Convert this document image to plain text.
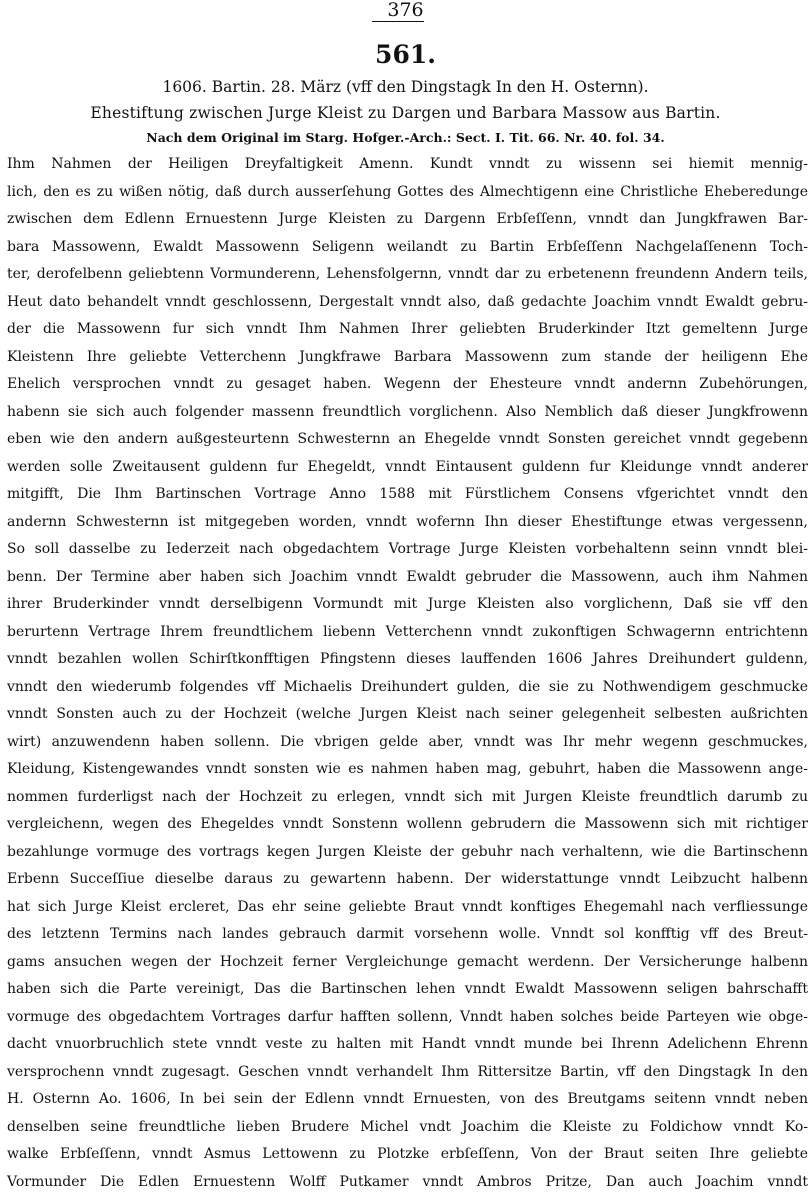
376
561.
1606. Bartin. 28. März (vff den Dingstagk In den H. Osternn).
Ehestiftung zwischen Jurge Kleist zu Dargen und Barbara Massow aus Bartin.
Nach dem Original im Starg. Hofger.-Arch.: Sect. I. Tit. 66. Nr. 40. fol. 34.
Ihm Nahmen der Heiligen Dreyfaltigkeit Amenn. Kundt vnndt zu wissenn sei hiemit mennig-
lich, den es zu wißen nötig, daß durch ausserſehung Gottes des Almechtigenn eine Christliche Eheberedunge
zwischen dem Edlenn Ernuestenn Jurge Kleisten zu Dargenn Erbſeſſenn, vnndt dan Jungkfrawen Bar-
bara Massowenn, Ewaldt Massowenn Seligenn weilandt zu Bartin Erbſeſſenn Nachgelaſſenenn Toch-
ter, derofelbenn geliebtenn Vormunderenn, Lehensfolgernn, vnndt dar zu erbetenenn freundenn Andern teils,
Heut dato behandelt vnndt geschlossenn, Dergestalt vnndt also, daß gedachte Joachim vnndt Ewaldt gebru-
der die Massowenn fur sich vnndt Ihm Nahmen Ihrer geliebten Bruderkinder Itzt gemeltenn Jurge
Kleistenn Ihre geliebte Vetterchenn Jungkfrawe Barbara Massowenn zum stande der heiligenn Ehe
Ehelich versprochen vnndt zu gesaget haben. Wegenn der Ehesteure vnndt andernn Zubehörungen,
habenn sie sich auch folgender massenn freundtlich vorglichenn. Also Nemblich daß dieser Jungkfrowenn
eben wie den andern außgesteurtenn Schwesternn an Ehegelde vnndt Sonsten gereichet vnndt gegebenn
werden solle Zweitausent guldenn fur Ehegeldt, vnndt Eintausent guldenn fur Kleidunge vnndt anderer
mitgifft, Die Ihm Bartinschen Vortrage Anno 1588 mit Fürstlichem Consens vfgerichtet vnndt den
andernn Schwesternn ist mitgegeben worden, vnndt wofernn Ihn dieser Ehestiftunge etwas vergessenn,
So soll dasselbe zu Iederzeit nach obgedachtem Vortrage Jurge Kleisten vorbehaltenn seinn vnndt blei-
benn. Der Termine aber haben sich Joachim vnndt Ewaldt gebruder die Massowenn, auch ihm Nahmen
ihrer Bruderkinder vnndt derselbigenn Vormundt mit Jurge Kleisten also vorglichenn, Daß sie vff den
berurtenn Vertrage Ihrem freundtlichem liebenn Vetterchenn vnndt zukonftigen Schwagernn entrichtenn
vnndt bezahlen wollen Schirſtkonfftigen Pfingstenn dieses lauffenden 1606 Jahres Dreihundert guldenn,
vnndt den wiederumb folgendes vff Michaelis Dreihundert gulden, die sie zu Nothwendigem geschmucke
vnndt Sonsten auch zu der Hochzeit (welche Jurgen Kleist nach seiner gelegenheit selbesten außrichten
wirt) anzuwendenn haben sollenn. Die vbrigen gelde aber, vnndt was Ihr mehr wegenn geschmuckes,
Kleidung, Kistengewandes vnndt sonsten wie es nahmen haben mag, gebuhrt, haben die Massowenn ange-
nommen furderligst nach der Hochzeit zu erlegen, vnndt sich mit Jurgen Kleiste freundtlich darumb zu
vergleichenn, wegen des Ehegeldes vnndt Sonstenn wollenn gebrudern die Massowenn sich mit richtiger
bezahlunge vormuge des vortrags kegen Jurgen Kleiste der gebuhr nach verhaltenn, wie die Bartinschenn
Erbenn Succeſſiue dieselbe daraus zu gewartenn habenn. Der widerstattunge vnndt Leibzucht halbenn
hat sich Jurge Kleist ercleret, Das ehr seine geliebte Braut vnndt konftiges Ehegemahl nach verfliessunge
des letztenn Termins nach landes gebrauch darmit vorsehenn wolle. Vnndt sol konfftig vff des Breut-
gams ansuchen wegen der Hochzeit ferner Vergleichunge gemacht werdenn. Der Versicherunge halbenn
haben sich die Parte vereinigt, Das die Bartinschen lehen vnndt Ewaldt Massowenn seligen bahrschafft
vormuge des obgedachtem Vortrages darfur hafften sollenn, Vnndt haben solches beide Parteyen wie obge-
dacht vnuorbruchlich stete vnndt veste zu halten mit Handt vnndt munde bei Ihrenn Adelichenn Ehrenn
versprochenn vnndt zugesagt. Geschen vnndt verhandelt Ihm Rittersitze Bartin, vff den Dingstagk In den
H. Osternn Ao. 1606, In bei sein der Edlenn vnndt Ernuesten, von des Breutgams seitenn vnndt neben
denselben seine freundtliche lieben Brudere Michel vndt Joachim die Kleiste zu Foldichow vnndt Ko-
walke Erbſeſſenn, vnndt Asmus Lettowenn zu Plotzke erbſeſſenn, Von der Braut seiten Ihre geliebte
Vormunder Die Edlen Ernuestenn Wolff Putkamer vnndt Ambros Pritze, Dan auch Joachim vnndt
